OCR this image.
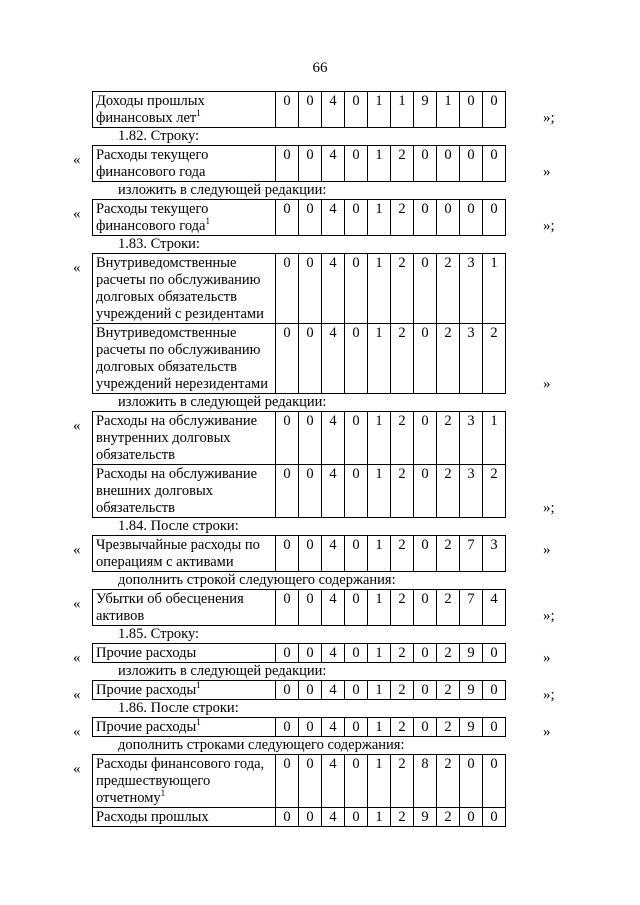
66
Доходы прошлых
финансовых лет$^1$	0	0	4	0	1	1	9	1	0	0
»;
1.82. Строку:
« Расходы текущего
финансового года	0	0	4	0	1	2	0	0	0	0
»
изложить в следующей редакции:
« Расходы текущего
финансового года$^1$	0	0	4	0	1	2	0	0	0	0
»;
1.83. Строки:
« Внутриведомственные
расчеты по обслуживанию
долговых обязательств
учреждений с резидентами	0	0	4	0	1	2	0	2	3	1
Внутриведомственные
расчеты по обслуживанию
долговых обязательств
учреждений нерезидентами	0	0	4	0	1	2	0	2	3	2
»
изложить в следующей редакции:
« Расходы на обслуживание
внутренних долговых
обязательств	0	0	4	0	1	2	0	2	3	1
Расходы на обслуживание
внешних долговых
обязательств	0	0	4	0	1	2	0	2	3	2
»;
1.84. После строки:
« Чрезвычайные расходы по
операциям с активами	0	0	4	0	1	2	0	2	7	3	»
дополнить строкой следующего содержания:
« Убытки об обесценения
активов	0	0	4	0	1	2	0	2	7	4
»;
1.85. Строку:
« Прочие расходы	0	0	4	0	1	2	0	2	9	0	»
изложить в следующей редакции:
« Прочие расходы$^1$	0	0	4	0	1	2	0	2	9	0	»;
1.86. После строки:
« Прочие расходы$^1$	0	0	4	0	1	2	0	2	9	0	»
дополнить строками следующего содержания:
« Расходы финансового года,
предшествующего
отчетному$^1$	0	0	4	0	1	2	8	2	0	0
Расходы прошлых	0	0	4	0	1	2	9	2	0	0
